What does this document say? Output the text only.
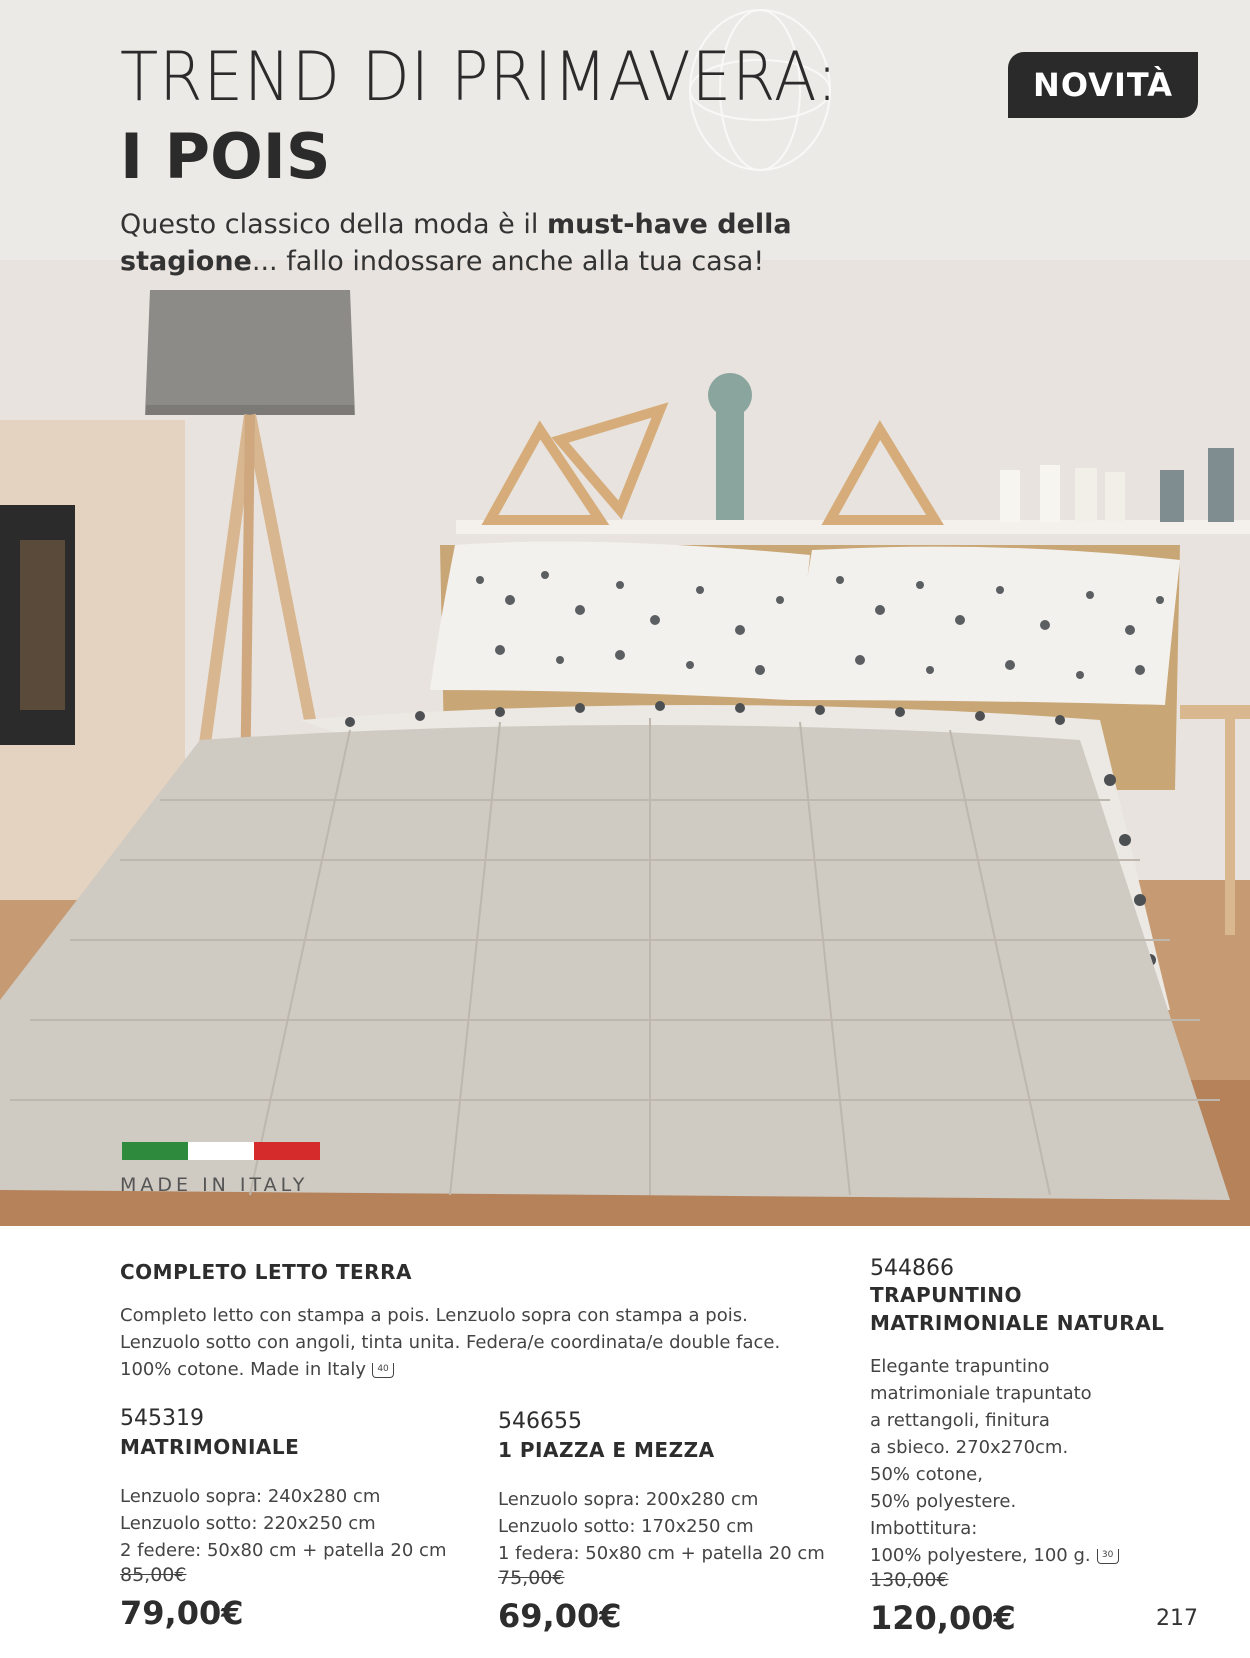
TREND DI PRIMAVERA:
I POIS
Questo classico della moda è il must-have della stagione... fallo indossare anche alla tua casa!
NOVITÀ
MADE IN ITALY
COMPLETO LETTO TERRA
Completo letto con stampa a pois. Lenzuolo sopra con stampa a pois. Lenzuolo sotto con angoli, tinta unita. Federa/e coordinata/e double face. 100% cotone. Made in Italy 40
545319
MATRIMONIALE
Lenzuolo sopra: 240x280 cm
Lenzuolo sotto: 220x250 cm
2 federe: 50x80 cm + patella 20 cm
85,00€
79,00€
546655
1 PIAZZA E MEZZA
Lenzuolo sopra: 200x280 cm
Lenzuolo sotto: 170x250 cm
1 federa: 50x80 cm + patella 20 cm
75,00€
69,00€
544866
TRAPUNTINO
MATRIMONIALE NATURAL
Elegante trapuntino
matrimoniale trapuntato
a rettangoli, finitura
a sbieco. 270x270cm.
50% cotone,
50% polyestere.
Imbottitura:
100% polyestere, 100 g. 30
130,00€
120,00€	217
